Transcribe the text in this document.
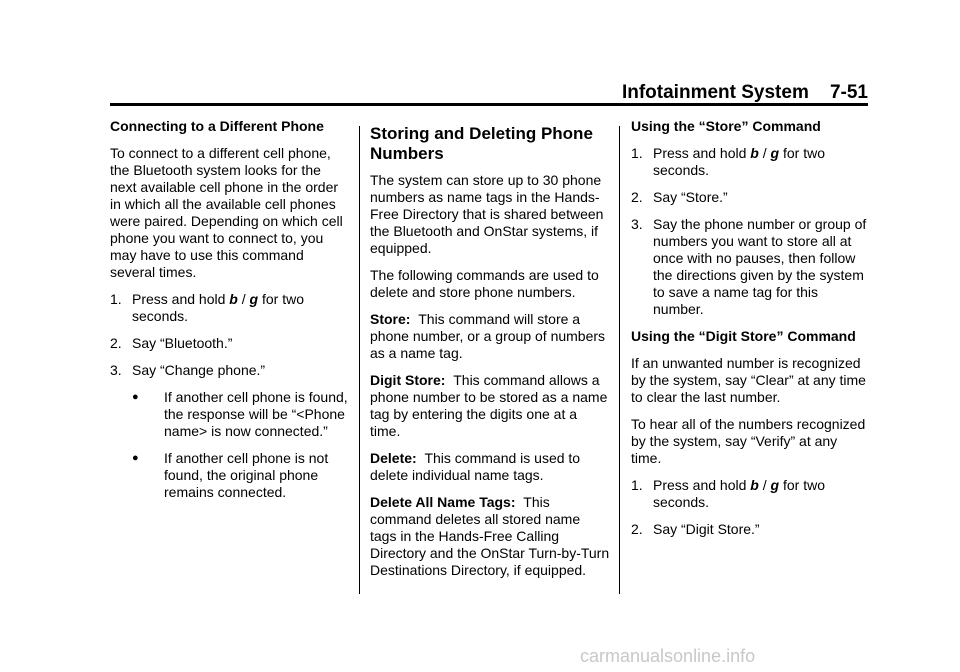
Infotainment System 7-51
Connecting to a Different Phone
To connect to a different cell phone, the Bluetooth system looks for the next available cell phone in the order in which all the available cell phones were paired. Depending on which cell phone you want to connect to, you may have to use this command several times.
1. Press and hold b / g for two seconds.
2. Say “Bluetooth.”
3. Say “Change phone.”
●	If another cell phone is found, the response will be “<Phone name> is now connected.”
●	If another cell phone is not found, the original phone remains connected.
Storing and Deleting Phone Numbers
The system can store up to 30 phone numbers as name tags in the Hands-Free Directory that is shared between the Bluetooth and OnStar systems, if equipped.
The following commands are used to delete and store phone numbers.
Store: This command will store a phone number, or a group of numbers as a name tag.
Digit Store: This command allows a phone number to be stored as a name tag by entering the digits one at a time.
Delete: This command is used to delete individual name tags.
Delete All Name Tags: This command deletes all stored name tags in the Hands-Free Calling Directory and the OnStar Turn-by-Turn Destinations Directory, if equipped.
Using the “Store” Command
1. Press and hold b / g for two seconds.
2. Say “Store.”
3. Say the phone number or group of numbers you want to store all at once with no pauses, then follow the directions given by the system to save a name tag for this number.
Using the “Digit Store” Command
If an unwanted number is recognized by the system, say “Clear” at any time to clear the last number.
To hear all of the numbers recognized by the system, say “Verify” at any time.
1. Press and hold b / g for two seconds.
2. Say “Digit Store.”
carmanualsonline.info
